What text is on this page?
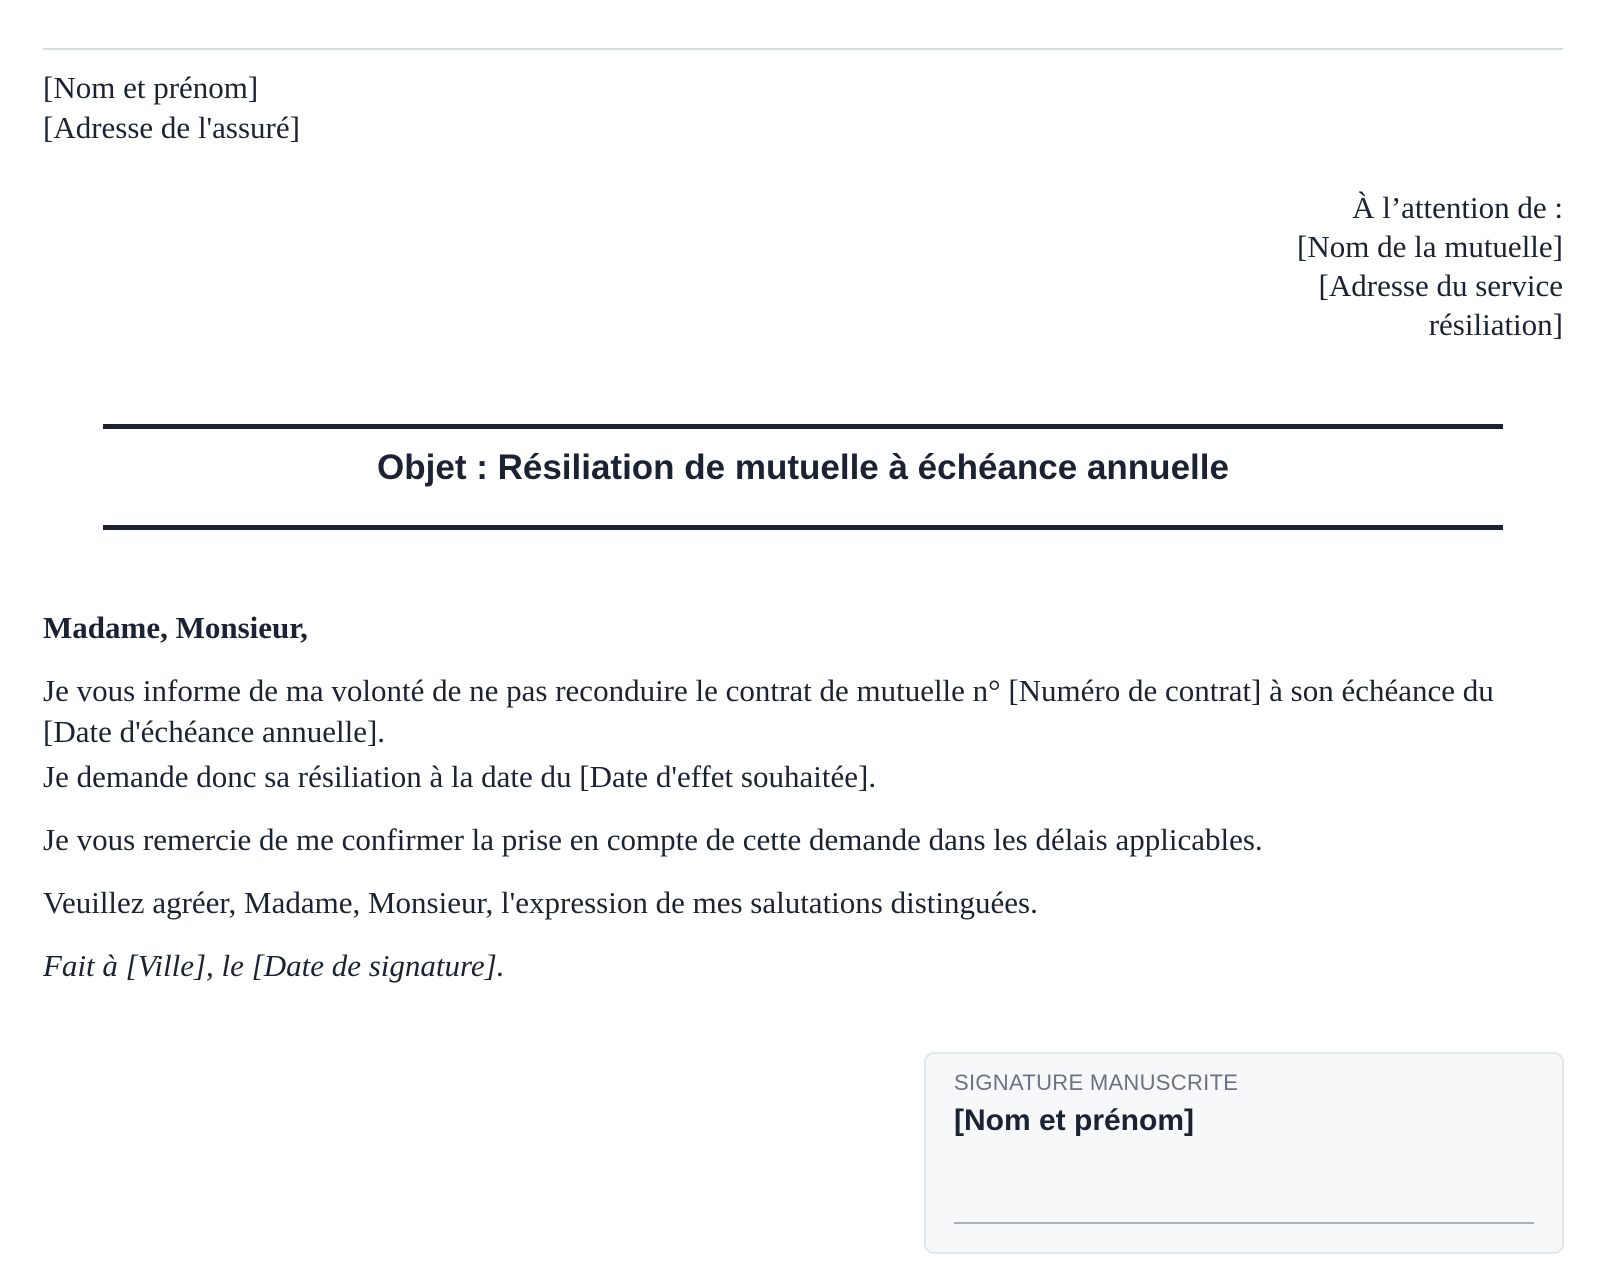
[Nom et prénom]
[Adresse de l'assuré]
À l’attention de :
[Nom de la mutuelle]
[Adresse du service résiliation]
Objet : Résiliation de mutuelle à échéance annuelle

Madame, Monsieur,

Je vous informe de ma volonté de ne pas reconduire le contrat de mutuelle n° [Numéro de contrat] à son échéance du [Date d'échéance annuelle].

Je demande donc sa résiliation à la date du [Date d'effet souhaitée].

Je vous remercie de me confirmer la prise en compte de cette demande dans les délais applicables.

Veuillez agréer, Madame, Monsieur, l'expression de mes salutations distinguées.

Fait à [Ville], le [Date de signature].

SIGNATURE MANUSCRITE
[Nom et prénom]
